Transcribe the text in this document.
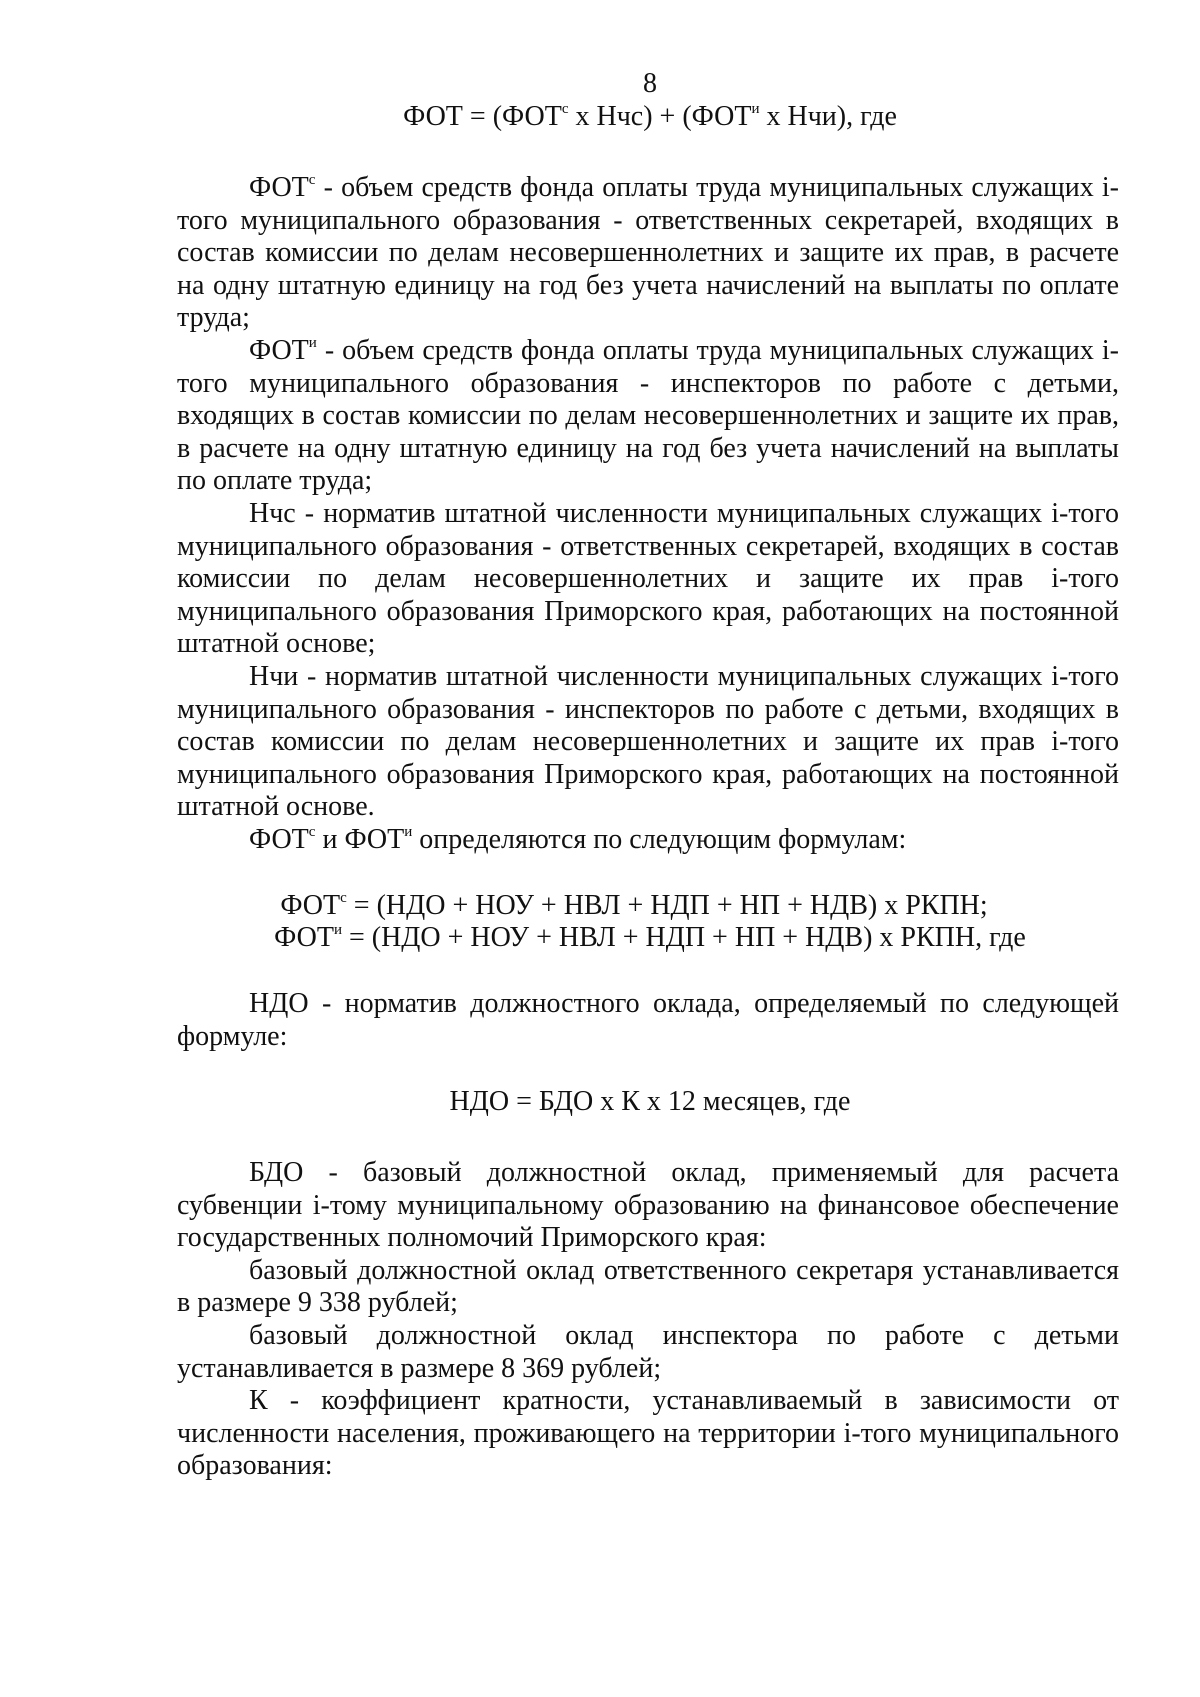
8
ФОТ = ($ФОТ^с$ х $Нчс) + (ФОТ^и$ х Нчи), где

$ФОТ^с$ - объем средств фонда оплаты труда муниципальных служащих i-того муниципального образования - ответственных секретарей, входящих в состав комиссии по делам несовершеннолетних и защите их прав, в расчете на одну штатную единицу на год без учета начислений на выплаты по оплате труда;

$ФОТ^и$ - объем средств фонда оплаты труда муниципальных служащих i-того муниципального образования - инспекторов по работе с детьми, входящих в состав комиссии по делам несовершеннолетних и защите их прав, в расчете на одну штатную единицу на год без учета начислений на выплаты по оплате труда;

Нчс - норматив штатной численности муниципальных служащих i-того муниципального образования - ответственных секретарей, входящих в состав комиссии по делам несовершеннолетних и защите их прав i-того муниципального образования Приморского края, работающих на постоянной штатной основе;

Нчи - норматив штатной численности муниципальных служащих i-того муниципального образования - инспекторов по работе с детьми, входящих в состав комиссии по делам несовершеннолетних и защите их прав i-того муниципального образования Приморского края, работающих на постоянной штатной основе.

$ФОТ^с$ и $ФОТ^и$ определяются по следующим формулам:

$ФОТ^с = (НДО$ + НОУ + НВЛ + НДП + НП + НДВ) х РКПН;
$ФОТ^и = (НДО$ + НОУ + НВЛ + НДП + НП + НДВ) х РКПН, где

НДО - норматив должностного оклада, определяемый по следующей формуле:

НДО = БДО х К х 12 месяцев, где

БДО - базовый должностной оклад, применяемый для расчета субвенции i-тому муниципальному образованию на финансовое обеспечение государственных полномочий Приморского края:

базовый должностной оклад ответственного секретаря устанавливается в размере 9 338 рублей;

базовый должностной оклад инспектора по работе с детьми устанавливается в размере 8 369 рублей;

К - коэффициент кратности, устанавливаемый в зависимости от численности населения, проживающего на территории i-того муниципального образования:
